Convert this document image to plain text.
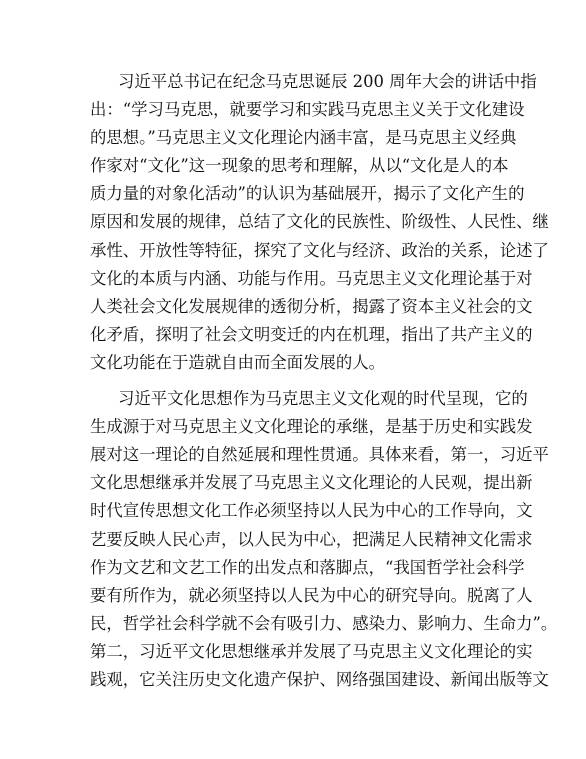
习近平总书记在纪念马克思诞辰 200 周年大会的讲话中指
出：“学习马克思，就要学习和实践马克思主义关于文化建设
的思想。”马克思主义文化理论内涵丰富，是马克思主义经典
作家对“文化”这一现象的思考和理解，从以“文化是人的本
质力量的对象化活动”的认识为基础展开，揭示了文化产生的
原因和发展的规律，总结了文化的民族性、阶级性、人民性、继
承性、开放性等特征，探究了文化与经济、政治的关系，论述了
文化的本质与内涵、功能与作用。马克思主义文化理论基于对
人类社会文化发展规律的透彻分析，揭露了资本主义社会的文
化矛盾，探明了社会文明变迁的内在机理，指出了共产主义的
文化功能在于造就自由而全面发展的人。
习近平文化思想作为马克思主义文化观的时代呈现，它的
生成源于对马克思主义文化理论的承继，是基于历史和实践发
展对这一理论的自然延展和理性贯通。具体来看，第一，习近平
文化思想继承并发展了马克思主义文化理论的人民观，提出新
时代宣传思想文化工作必须坚持以人民为中心的工作导向，文
艺要反映人民心声，以人民为中心，把满足人民精神文化需求
作为文艺和文艺工作的出发点和落脚点，“我国哲学社会科学
要有所作为，就必须坚持以人民为中心的研究导向。脱离了人
民，哲学社会科学就不会有吸引力、感染力、影响力、生命力”。
第二，习近平文化思想继承并发展了马克思主义文化理论的实
践观，它关注历史文化遗产保护、网络强国建设、新闻出版等文
